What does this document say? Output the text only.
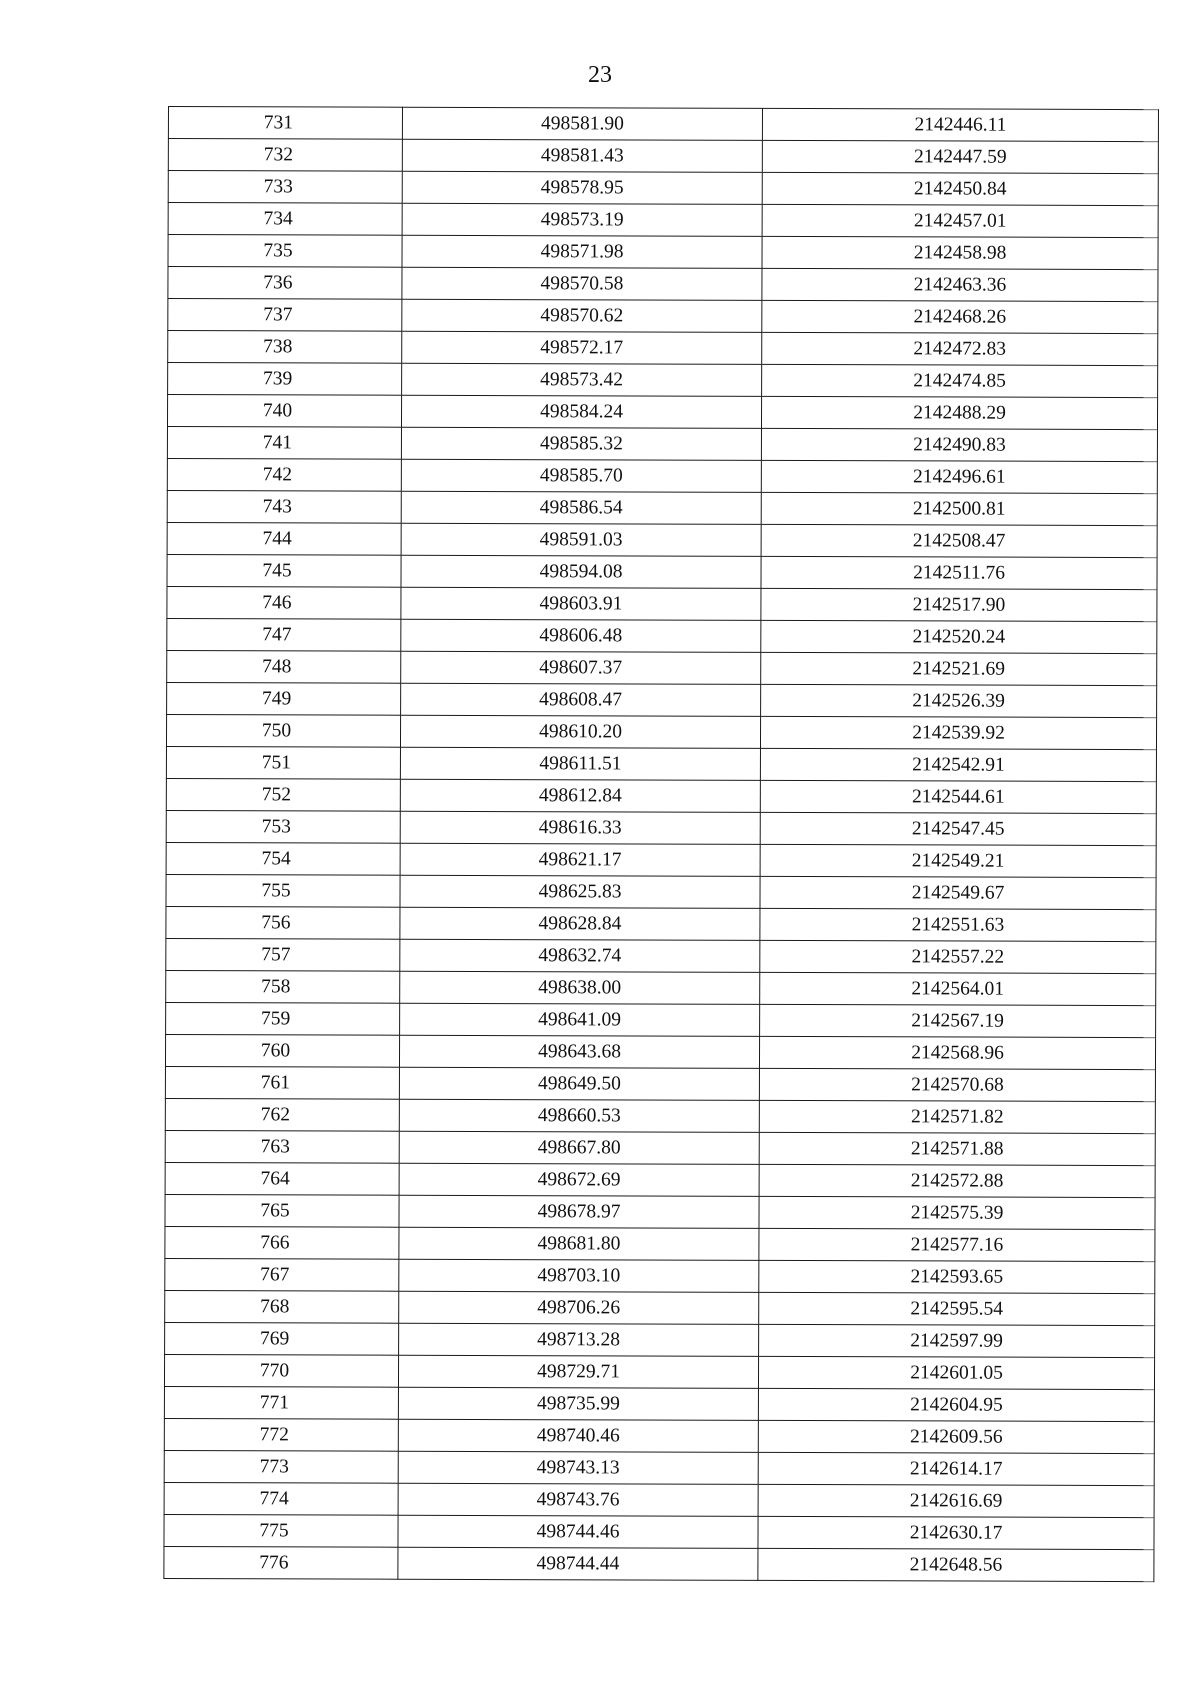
23
731	498581.90	2142446.11
732	498581.43	2142447.59
733	498578.95	2142450.84
734	498573.19	2142457.01
735	498571.98	2142458.98
736	498570.58	2142463.36
737	498570.62	2142468.26
738	498572.17	2142472.83
739	498573.42	2142474.85
740	498584.24	2142488.29
741	498585.32	2142490.83
742	498585.70	2142496.61
743	498586.54	2142500.81
744	498591.03	2142508.47
745	498594.08	2142511.76
746	498603.91	2142517.90
747	498606.48	2142520.24
748	498607.37	2142521.69
749	498608.47	2142526.39
750	498610.20	2142539.92
751	498611.51	2142542.91
752	498612.84	2142544.61
753	498616.33	2142547.45
754	498621.17	2142549.21
755	498625.83	2142549.67
756	498628.84	2142551.63
757	498632.74	2142557.22
758	498638.00	2142564.01
759	498641.09	2142567.19
760	498643.68	2142568.96
761	498649.50	2142570.68
762	498660.53	2142571.82
763	498667.80	2142571.88
764	498672.69	2142572.88
765	498678.97	2142575.39
766	498681.80	2142577.16
767	498703.10	2142593.65
768	498706.26	2142595.54
769	498713.28	2142597.99
770	498729.71	2142601.05
771	498735.99	2142604.95
772	498740.46	2142609.56
773	498743.13	2142614.17
774	498743.76	2142616.69
775	498744.46	2142630.17
776	498744.44	2142648.56
